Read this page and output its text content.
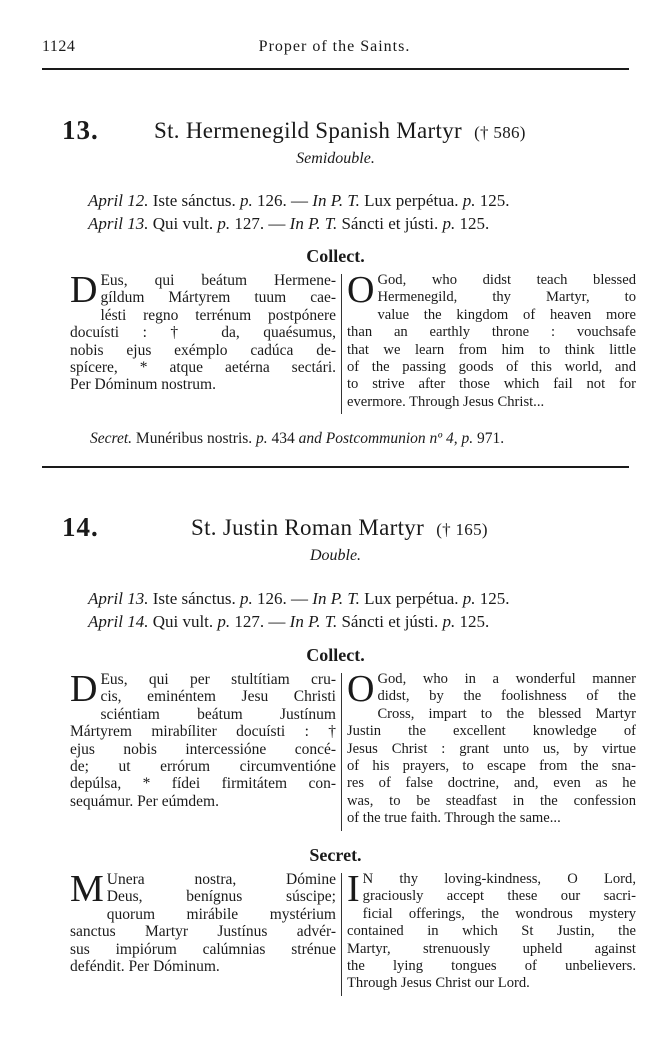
1124	Proper of the Saints.
13. St. Hermenegild Spanish Martyr († 586)
Semidouble.
April 12. Iste sánctus. p. 126. — In P. T. Lux perpétua. p. 125.
April 13. Qui vult. p. 127. — In P. T. Sáncti et jústi. p. 125.
Collect.
D Eus, qui beátum Hermene-
gíldum Mártyrem tuum cae-
lésti regno terrénum postpónere
docuísti : † da, quaésumus,
nobis ejus exémplo cadúca de-
spícere, * atque aetérna sectári.
Per Dóminum nostrum.
O God, who didst teach blessed
Hermenegild, thy Martyr, to
value the kingdom of heaven more
than an earthly throne : vouchsafe
that we learn from him to think little
of the passing goods of this world, and
to strive after those which fail not for
evermore. Through Jesus Christ...
Secret. Munéribus nostris. p. 434 and Postcommunion nº 4, p. 971.
14.	St. Justin Roman Martyr († 165)
Double.
April 13. Iste sánctus. p. 126. — In P. T. Lux perpétua. p. 125.
April 14. Qui vult. p. 127. — In P. T. Sáncti et jústi. p. 125.
Collect.
D Eus, qui per stultítiam cru-
cis, eminéntem Jesu Christi
sciéntiam beátum Justínum
Mártyrem mirabíliter docuísti : †
ejus nobis intercessióne concé-
de; ut errórum circumventióne
depúlsa, * fídei firmitátem con-
sequámur. Per eúmdem.
O God, who in a wonderful manner
didst, by the foolishness of the
Cross, impart to the blessed Martyr
Justin the excellent knowledge of
Jesus Christ : grant unto us, by virtue
of his prayers, to escape from the sna-
res of false doctrine, and, even as he
was, to be steadfast in the confession
of the true faith. Through the same...
Secret.
M Unera nostra, Dómine
Deus, benígnus súscipe;
quorum mirábile mystérium
sanctus Martyr Justínus advér-
sus impiórum calúmnias strénue
deféndit. Per Dóminum.
I N thy loving-kindness, O Lord,
graciously accept these our sacri-
ficial offerings, the wondrous mystery
contained in which St Justin, the
Martyr, strenuously upheld against
the lying tongues of unbelievers.
Through Jesus Christ our Lord.
